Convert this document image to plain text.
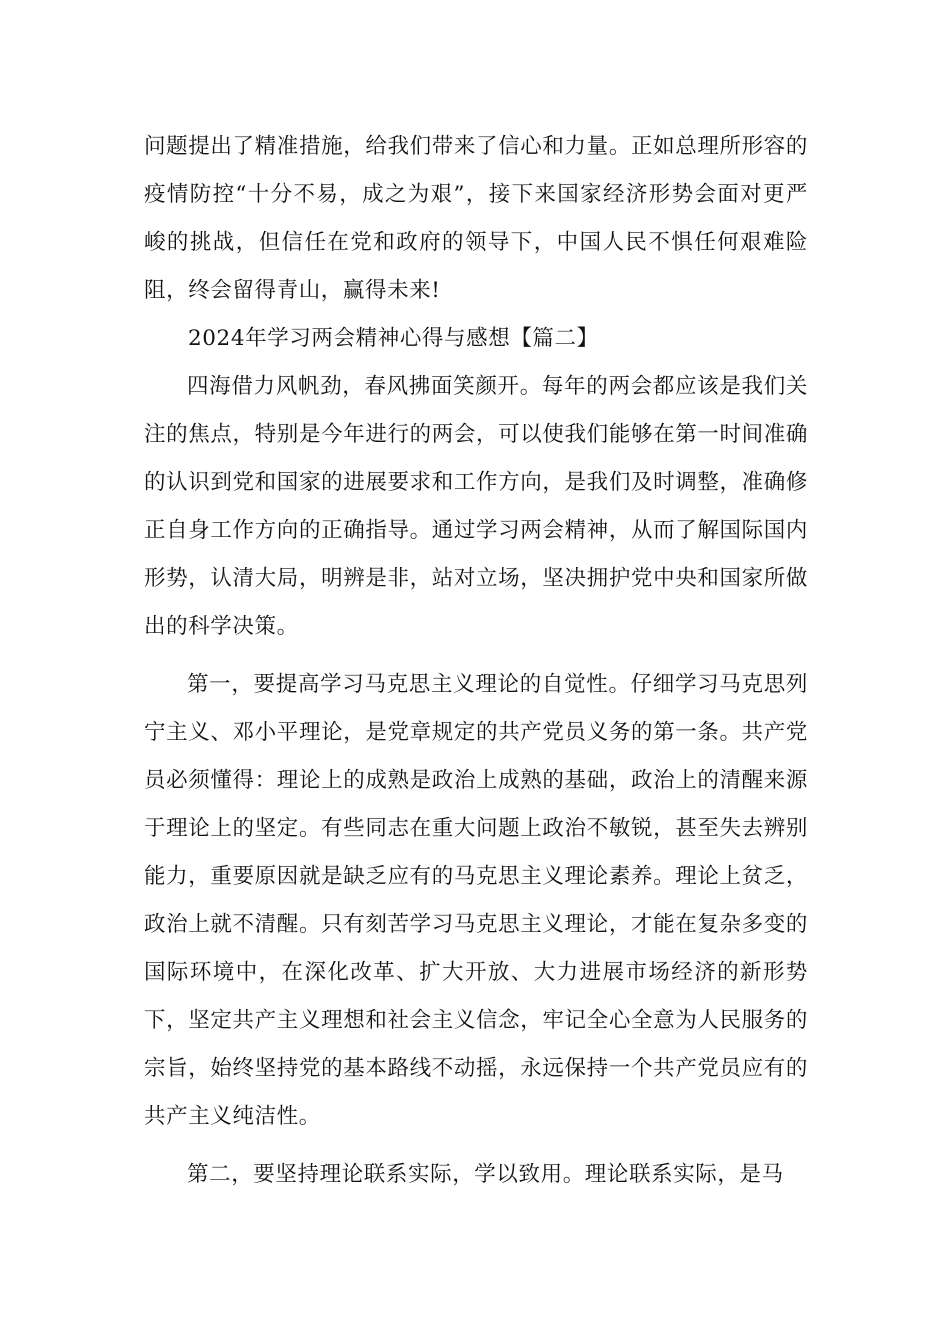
问题提出了精准措施，给我们带来了信心和力量。正如总理所形容的疫情防控“十分不易，成之为艰”，接下来国家经济形势会面对更严峻的挑战，但信任在党和政府的领导下，中国人民不惧任何艰难险阻，终会留得青山，赢得未来!

2024年学习两会精神心得与感想【篇二】

四海借力风帆劲，春风拂面笑颜开。每年的两会都应该是我们关注的焦点，特别是今年进行的两会，可以使我们能够在第一时间准确的认识到党和国家的进展要求和工作方向，是我们及时调整，准确修正自身工作方向的正确指导。通过学习两会精神，从而了解国际国内形势，认清大局，明辨是非，站对立场，坚决拥护党中央和国家所做出的科学决策。

第一，要提高学习马克思主义理论的自觉性。仔细学习马克思列宁主义、邓小平理论，是党章规定的共产党员义务的第一条。共产党员必须懂得：理论上的成熟是政治上成熟的基础，政治上的清醒来源于理论上的坚定。有些同志在重大问题上政治不敏锐，甚至失去辨别能力，重要原因就是缺乏应有的马克思主义理论素养。理论上贫乏，政治上就不清醒。只有刻苦学习马克思主义理论，才能在复杂多变的国际环境中，在深化改革、扩大开放、大力进展市场经济的新形势下，坚定共产主义理想和社会主义信念，牢记全心全意为人民服务的宗旨，始终坚持党的基本路线不动摇，永远保持一个共产党员应有的共产主义纯洁性。

第二，要坚持理论联系实际，学以致用。理论联系实际，是马
